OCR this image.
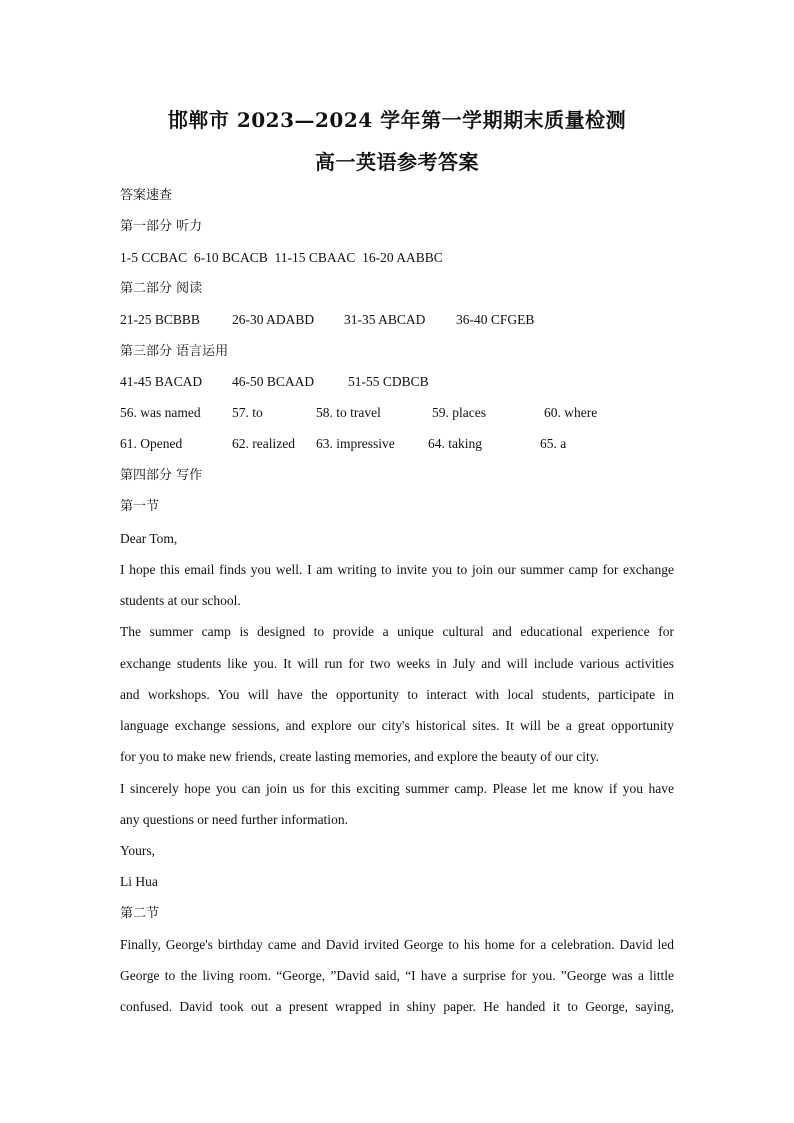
邯郸市 2023—2024 学年第一学期期末质量检测
高一英语参考答案
答案速查
第一部分 听力
1-5 CCBAC  6-10 BCACB  11-15 CBAAC  16-20 AABBC
第二部分 阅读
21-25 BCBBB 26-30 ADABD 31-35 ABCAD 36-40 CFGEB
第三部分 语言运用
41-45 BACAD 46-50 BCAAD	51-55 CDBCB
56. was named 57. to	58. to travel	59. places	60. where
61. Opened	62. realized 63. impressive 64. taking	65. a
第四部分 写作
第一节
Dear Tom,
I hope this email finds you well. I am writing to invite you to join our summer camp for exchange
students at our school.
The summer camp is designed to provide a unique cultural and educational experience for
exchange students like you. It will run for two weeks in July and will include various activities
and workshops. You will have the opportunity to interact with local students, participate in
language exchange sessions, and explore our city's historical sites. It will be a great opportunity
for you to make new friends, create lasting memories, and explore the beauty of our city.
I sincerely hope you can join us for this exciting summer camp. Please let me know if you have
any questions or need further information.
Yours,
Li Hua
第二节
Finally, George's birthday came and David irvited George to his home for a celebration. David led
George to the living room. “George, ”David said, “I have a surprise for you. ”George was a little
confused. David took out a present wrapped in shiny paper. He handed it to George, saying,
